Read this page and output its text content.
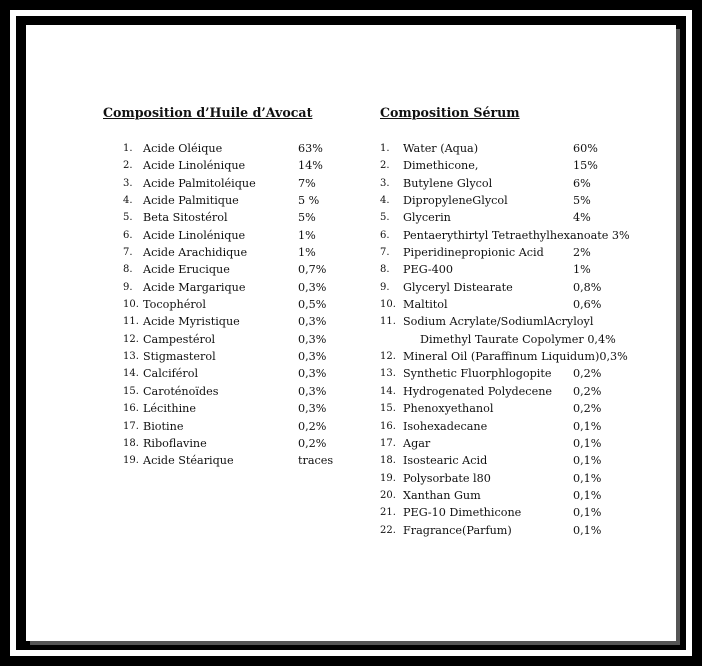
Composition d’Huile d’Avocat
1. Acide Oléique	63%
2. Acide Linolénique	14%
3. Acide Palmitoléique	7%
4. Acide Palmitique	5 %
5. Beta Sitostérol	5%
6. Acide Linolénique	1%
7. Acide Arachidique	1%
8. Acide Erucique	0,7%
9. Acide Margarique	0,3%
10. Tocophérol	0,5%
11. Acide Myristique	0,3%
12. Campestérol	0,3%
13. Stigmasterol	0,3%
14. Calciférol	0,3%
15. Caroténoïdes	0,3%
16. Lécithine	0,3%
17. Biotine	0,2%
18. Riboflavine	0,2%
19. Acide Stéarique	traces
Composition Sérum
1. Water (Aqua)	60%
2. Dimethicone,	15%
3. Butylene Glycol	6%
4. DipropyleneGlycol	5%
5. Glycerin	4%
6. Pentaerythirtyl Tetraethylhexanoate 3%
7. Piperidinepropionic Acid	2%
8. PEG-400	1%
9. Glyceryl Distearate	0,8%
10. Maltitol	0,6%
11. Sodium Acrylate/SodiumlAcryloyl
Dimethyl Taurate Copolymer 0,4%
12. Mineral Oil (Paraffinum Liquidum)0,3%
13. Synthetic Fluorphlogopite 0,2%
14. Hydrogenated Polydecene 0,2%
15. Phenoxyethanol	0,2%
16. Isohexadecane	0,1%
17. Agar	0,1%
18. Isostearic Acid	0,1%
19. Polysorbate l80	0,1%
20. Xanthan Gum	0,1%
21. PEG-10 Dimethicone	0,1%
22. Fragrance(Parfum)	0,1%
